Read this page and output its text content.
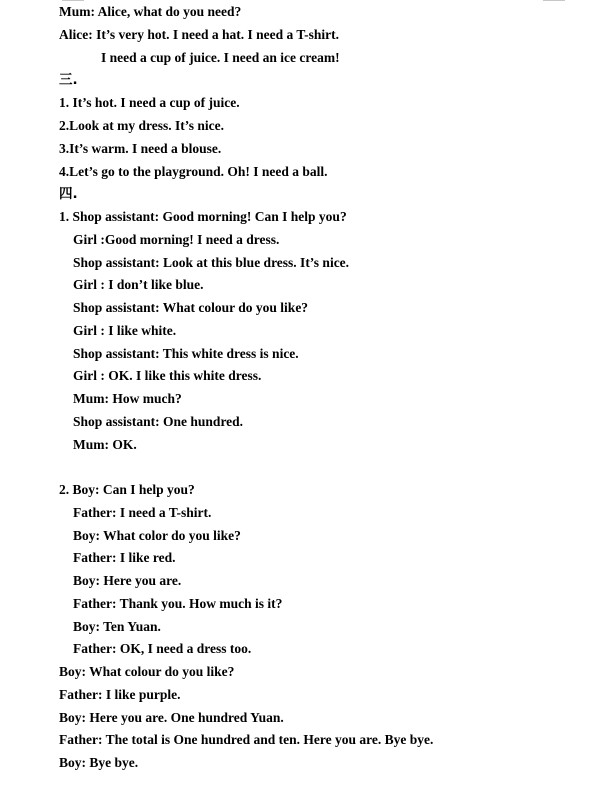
Mum: Alice, what do you need?
Alice: It’s very hot. I need a hat. I need a T-shirt.
I need a cup of juice. I need an ice cream!
三.
1. It’s hot. I need a cup of juice.
2.Look at my dress. It’s nice.
3.It’s warm. I need a blouse.
4.Let’s go to the playground. Oh! I need a ball.
四.
1. Shop assistant: Good morning! Can I help you?
Girl :Good morning! I need a dress.
Shop assistant: Look at this blue dress. It’s nice.
Girl : I don’t like blue.
Shop assistant: What colour do you like?
Girl : I like white.
Shop assistant: This white dress is nice.
Girl : OK. I like this white dress.
Mum: How much?
Shop assistant: One hundred.
Mum: OK.
2. Boy: Can I help you?
Father: I need a T-shirt.
Boy: What color do you like?
Father: I like red.
Boy: Here you are.
Father: Thank you. How much is it?
Boy: Ten Yuan.
Father: OK, I need a dress too.
Boy: What colour do you like?
Father: I like purple.
Boy: Here you are. One hundred Yuan.
Father: The total is One hundred and ten. Here you are. Bye bye.
Boy: Bye bye.
